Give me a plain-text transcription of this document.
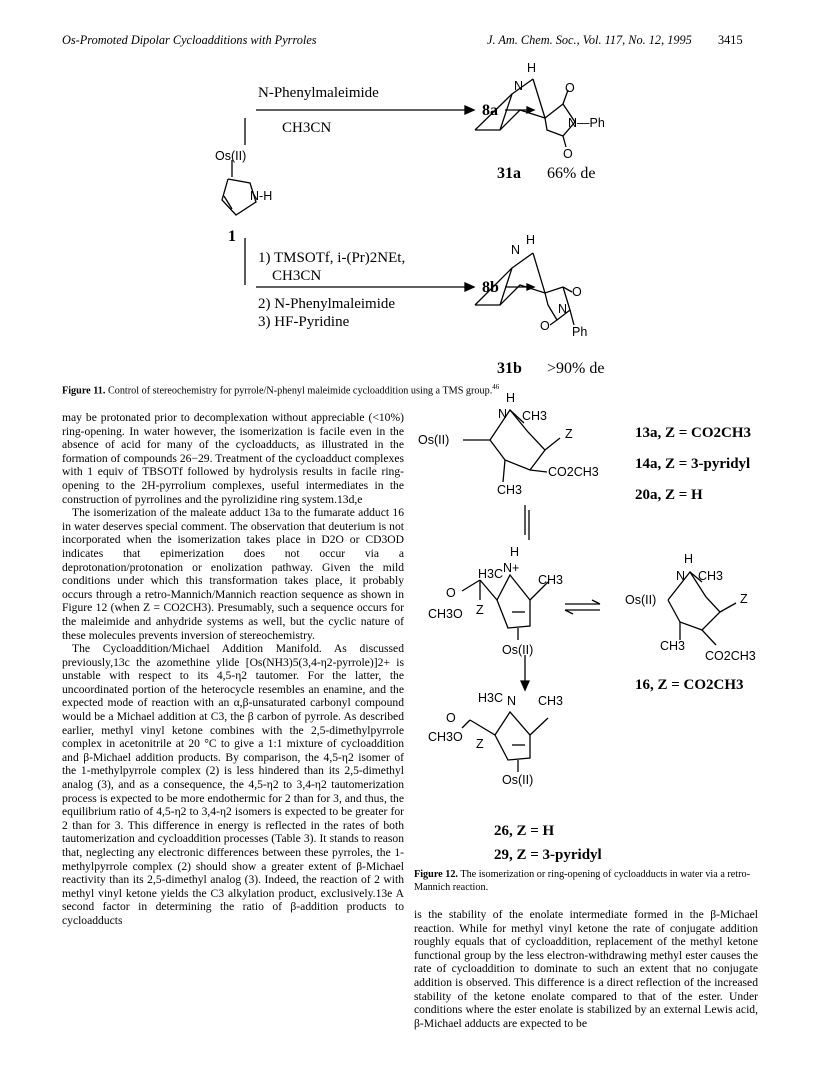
Os-Promoted Dipolar Cycloadditions with Pyrroles	J. Am. Chem. Soc., Vol. 117, No. 12, 1995 3415
H
N	O
N—Ph
O
H
N
O
N
O Ph
Os(II)
N-H
H
N CH3
Z
Os(II)
CO2CH3
CH3
H
H3C N+
CH3
O
CH3O Z
Os(II)
H
N CH3
Z
Os(II)
CH3
CO2CH3
H3C N CH3
O
CH3O Z
Os(II)
N-Phenylmaleimide
CH3CN
8a
31a 66% de
1
1) TMSOTf, i-(Pr)2NEt,
CH3CN
2) N-Phenylmaleimide
3) HF-Pyridine
8b
31b >90% de
Figure 11. Control of stereochemistry for pyrrole/N-phenyl maleimide cycloaddition using a TMS group.$^{46}$
13a, Z = CO2CH3
14a, Z = 3-pyridyl
20a, Z = H
16, Z = CO2CH3
26, Z = H
29, Z = 3-pyridyl
Figure 12. The isomerization or ring-opening of cycloadducts in water via a retro-Mannich reaction.

may be protonated prior to decomplexation without appreciable (<10%) ring-opening. In water however, the isomerization is facile even in the absence of acid for many of the cycloadducts, as illustrated in the formation of compounds 26−29. Treatment of the cycloadduct complexes with 1 equiv of TBSOTf followed by hydrolysis results in facile ring-opening to the 2H-pyrrolium complexes, useful intermediates in the construction of pyrrolines and the pyrolizidine ring system.13d,e

The isomerization of the maleate adduct 13a to the fumarate adduct 16 in water deserves special comment. The observation that deuterium is not incorporated when the isomerization takes place in D2O or CD3OD indicates that epimerization does not occur via a deprotonation/protonation or enolization pathway. Given the mild conditions under which this transformation takes place, it probably occurs through a retro-Mannich/Mannich reaction sequence as shown in Figure 12 (when Z = CO2CH3). Presumably, such a sequence occurs for the maleimide and anhydride systems as well, but the cyclic nature of these molecules prevents inversion of stereochemistry.

The Cycloaddition/Michael Addition Manifold. As discussed previously,13c the azomethine ylide [Os(NH3)5(3,4-η2-pyrrole)]2+ is unstable with respect to its 4,5-η2 tautomer. For the latter, the uncoordinated portion of the heterocycle resembles an enamine, and the expected mode of reaction with an α,β-unsaturated carbonyl compound would be a Michael addition at C3, the β carbon of pyrrole. As described earlier, methyl vinyl ketone combines with the 2,5-dimethylpyrrole complex in acetonitrile at 20 °C to give a 1:1 mixture of cycloaddition and β-Michael addition products. By comparison, the 4,5-η2 isomer of the 1-methylpyrrole complex (2) is less hindered than its 2,5-dimethyl analog (3), and as a consequence, the 4,5-η2 to 3,4-η2 tautomerization process is expected to be more endothermic for 2 than for 3, and thus, the equilibrium ratio of 4,5-η2 to 3,4-η2 isomers is expected to be greater for 2 than for 3. This difference in energy is reflected in the rates of both tautomerization and cycloaddition processes (Table 3). It stands to reason that, neglecting any electronic differences between these pyrroles, the 1-methylpyrrole complex (2) should show a greater extent of β-Michael reactivity than its 2,5-dimethyl analog (3). Indeed, the reaction of 2 with methyl vinyl ketone yields the C3 alkylation product, exclusively.13e A second factor in determining the ratio of β-addition products to cycloadducts	is the stability of the enolate intermediate formed in the β-Michael reaction. While for methyl vinyl ketone the rate of conjugate addition roughly equals that of cycloaddition, replacement of the methyl ketone functional group by the less electron-withdrawing methyl ester causes the rate of cycloaddition to dominate to such an extent that no conjugate addition is observed. This difference is a direct reflection of the increased stability of the ketone enolate compared to that of the ester. Under conditions where the ester enolate is stabilized by an external Lewis acid, β-Michael adducts are expected to be
